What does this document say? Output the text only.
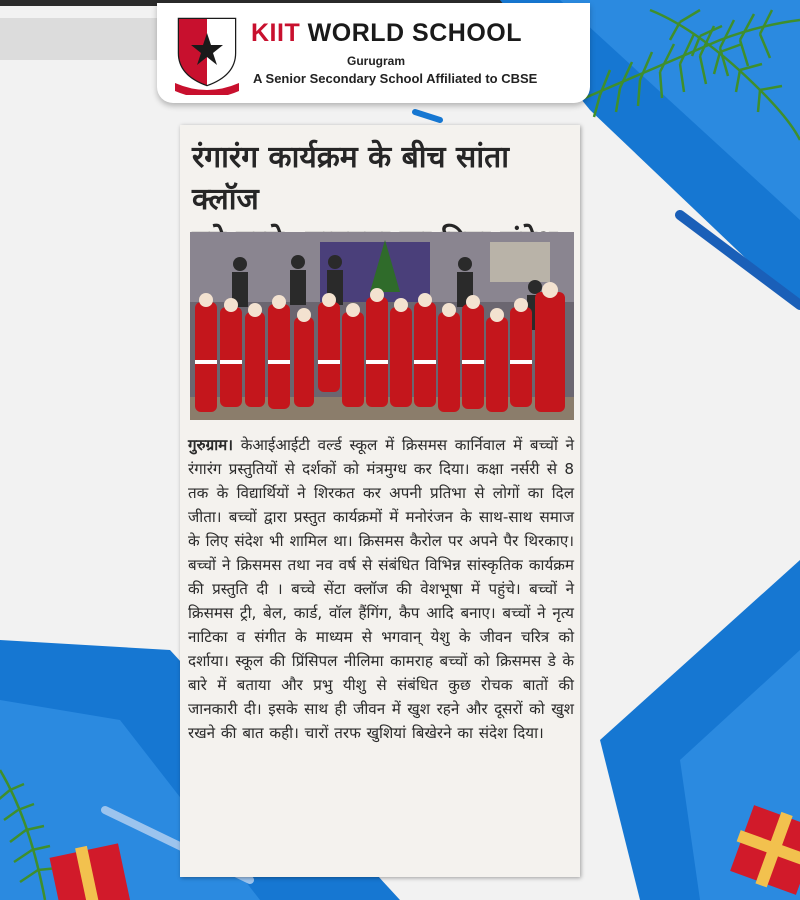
KIIT WORLD SCHOOL
Gurugram
A Senior Secondary School Affiliated to CBSE
रंगारंग कार्यक्रम के बीच सांता क्लॉज
गुरुग्राम। केआईआईटी वर्ल्ड स्कूल में क्रिसमस कार्निवाल में बच्चों ने रंगारंग प्रस्तुतियों से दर्शकों को मंत्रमुग्ध कर दिया। कक्षा नर्सरी से 8 तक के विद्यार्थियों ने शिरकत कर अपनी प्रतिभा से लोगों का दिल जीता। बच्चों द्वारा प्रस्तुत कार्यक्रमों में मनोरंजन के साथ-साथ समाज के लिए संदेश भी शामिल था। क्रिसमस कैरोल पर अपने पैर थिरकाए। बच्चों ने क्रिसमस तथा नव वर्ष से संबंधित विभिन्न सांस्कृतिक कार्यक्रम की प्रस्तुति दी । बच्चे सेंटा क्लॉज की वेशभूषा में पहुंचे। बच्चों ने क्रिसमस ट्री, बेल, कार्ड, वॉल हैंगिंग, कैप आदि बनाए। बच्चों ने नृत्य नाटिका व संगीत के माध्यम से भगवान् येशु के जीवन चरित्र को दर्शाया। स्कूल की प्रिंसिपल नीलिमा कामराह बच्चों को क्रिसमस डे के बारे में बताया और प्रभु यीशु से संबंधित कुछ रोचक बातों की जानकारी दी। इसके साथ ही जीवन में खुश रहने और दूसरों को खुश रखने की बात कही। चारों तरफ खुशियां बिखेरने का संदेश दिया।
